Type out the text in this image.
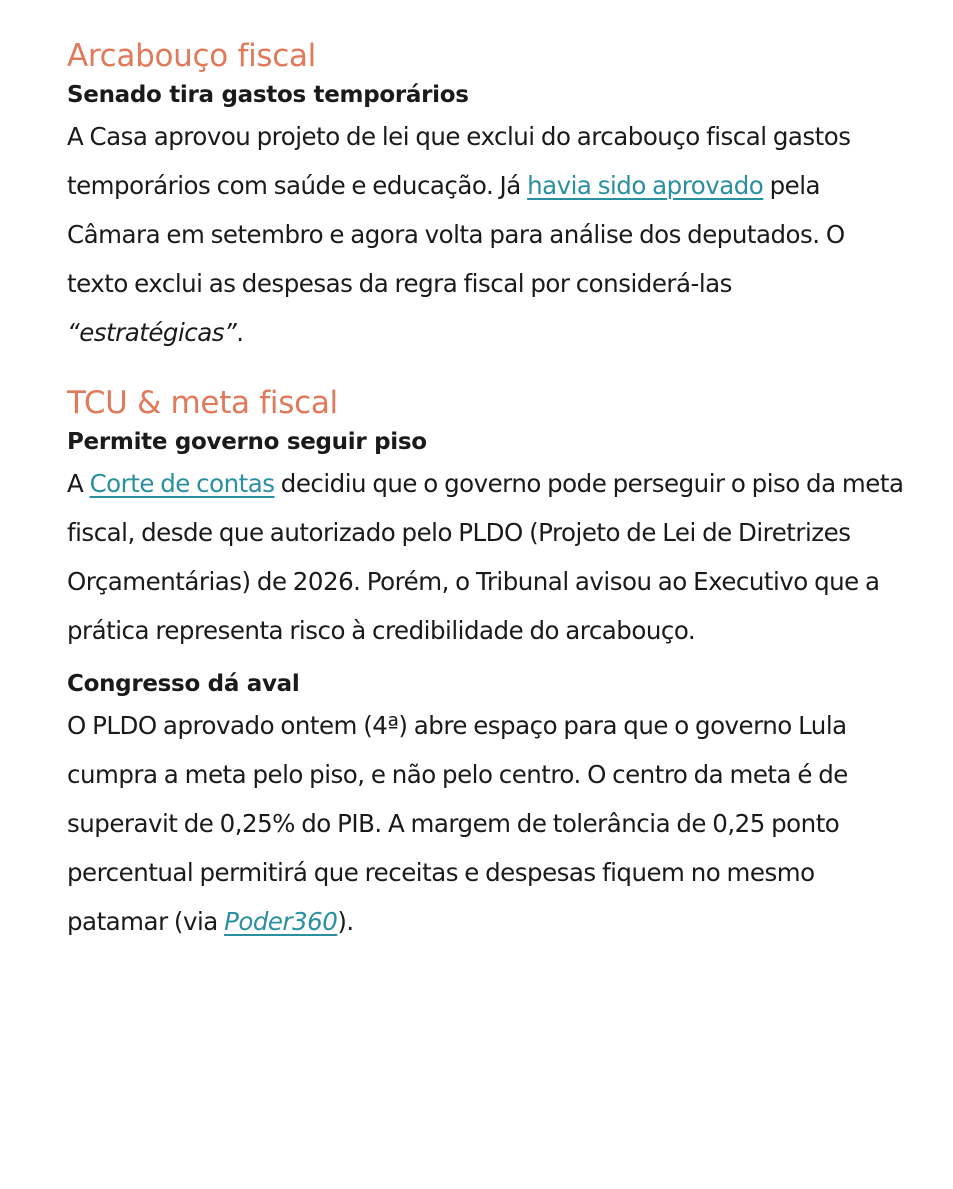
Arcabouço fiscal
Senado tira gastos temporários

A Casa aprovou projeto de lei que exclui do arcabouço fiscal gastos temporários com saúde e educação. Já havia sido aprovado pela Câmara em setembro e agora volta para análise dos deputados. O texto exclui as despesas da regra fiscal por considerá-las “estratégicas”.

TCU & meta fiscal
Permite governo seguir piso

A Corte de contas decidiu que o governo pode perseguir o piso da meta fiscal, desde que autorizado pelo PLDO (Projeto de Lei de Diretrizes Orçamentárias) de 2026. Porém, o Tribunal avisou ao Executivo que a prática representa risco à credibilidade do arcabouço.

Congresso dá aval

O PLDO aprovado ontem (4ª) abre espaço para que o governo Lula cumpra a meta pelo piso, e não pelo centro. O centro da meta é de superavit de 0,25% do PIB. A margem de tolerância de 0,25 ponto percentual permitirá que receitas e despesas fiquem no mesmo patamar (via Poder360).
